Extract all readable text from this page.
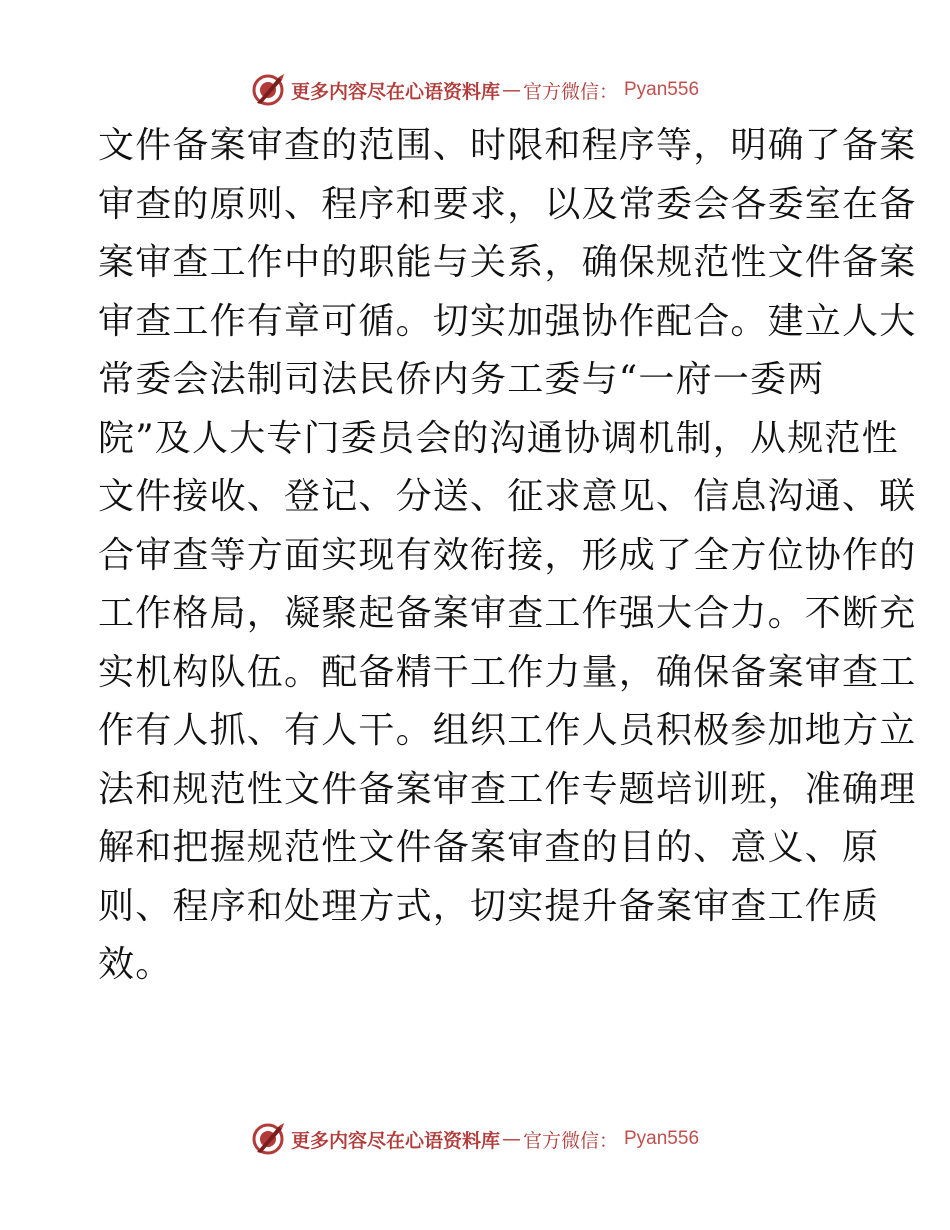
更多内容尽在心语资料库 — 官方微信： Pyan556
文件备案审查的范围、时限和程序等，明确了备案
审查的原则、程序和要求，以及常委会各委室在备
案审查工作中的职能与关系，确保规范性文件备案
审查工作有章可循。切实加强协作配合。建立人大
常委会法制司法民侨内务工委与“一府一委两
院”及人大专门委员会的沟通协调机制，从规范性
文件接收、登记、分送、征求意见、信息沟通、联
合审查等方面实现有效衔接，形成了全方位协作的
工作格局，凝聚起备案审查工作强大合力。不断充
实机构队伍。配备精干工作力量，确保备案审查工
作有人抓、有人干。组织工作人员积极参加地方立
法和规范性文件备案审查工作专题培训班，准确理
解和把握规范性文件备案审查的目的、意义、原
则、程序和处理方式，切实提升备案审查工作质
效。
更多内容尽在心语资料库 — 官方微信： Pyan556
